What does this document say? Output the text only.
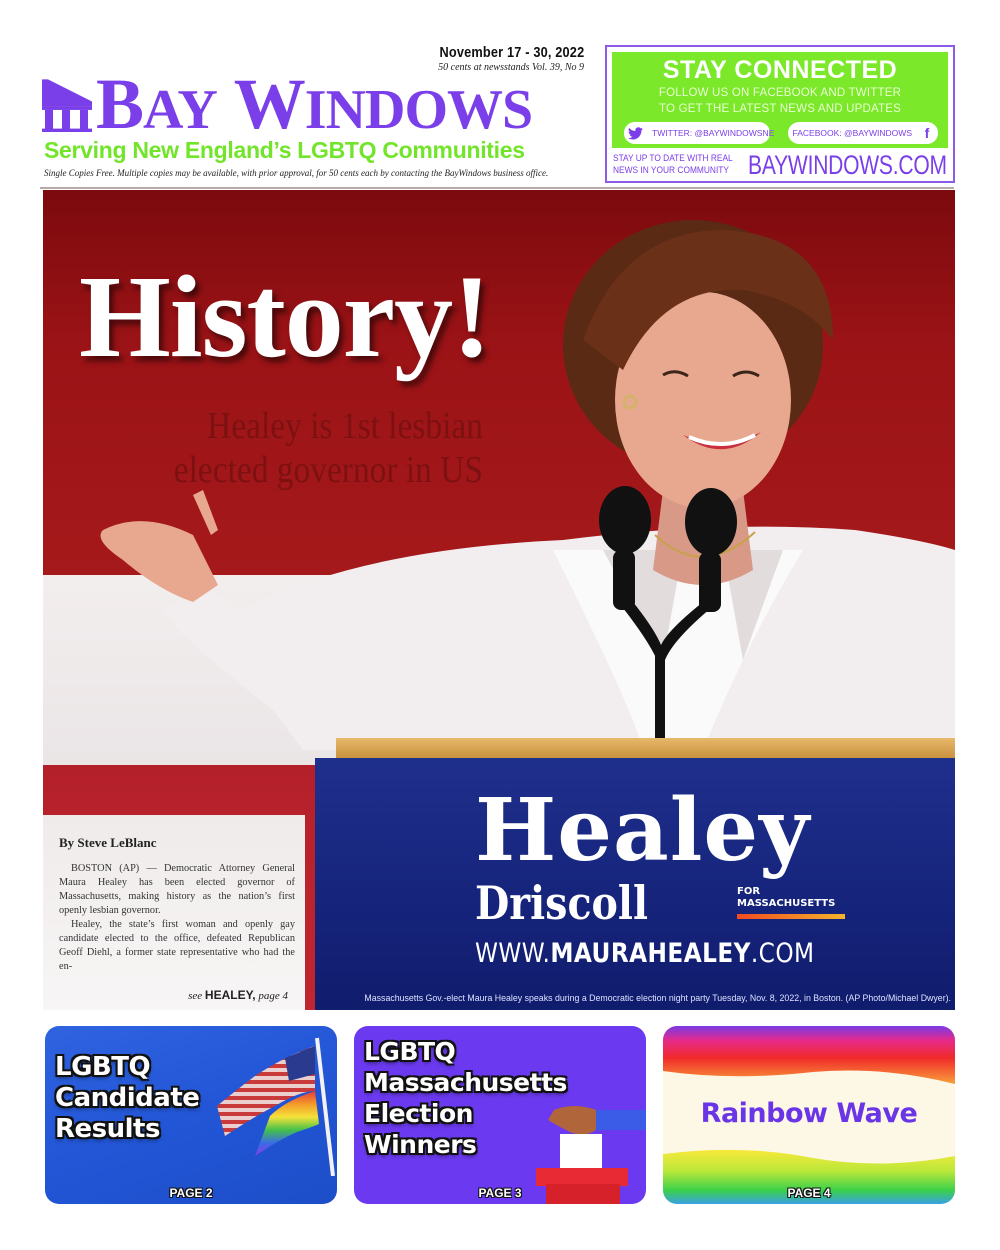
November 17 - 30, 2022
50 cents at newsstands Vol. 39, No 9
BAY WINDOWS
Serving New England’s LGBTQ Communities
Single Copies Free. Multiple copies may be available, with prior approval, for 50 cents each by contacting the BayWindows business office.
STAY CONNECTED
FOLLOW US ON FACEBOOK AND TWITTER
TO GET THE LATEST NEWS AND UPDATES
TWITTER: @BAYWINDOWSNE FACEBOOK: @BAYWINDOWS f
STAY UP TO DATE WITH REAL
NEWS IN YOUR COMMUNITY BAYWINDOWS.COM
History!
Healey is 1st lesbian
elected governor in US
Healey
Driscoll	FOR
MASSACHUSETTS
WWW.MAURAHEALEY.COM
By Steve LeBlanc

BOSTON (AP) — Democratic Attorney General Maura Healey has been elected governor of Massachusetts, making history as the nation’s first openly lesbian governor.

Healey, the state’s first woman and openly gay candidate elected to the office, defeated Republican Geoff Diehl, a former state representative who had the en-

see HEALEY, page 4	Massachusetts Gov.-elect Maura Healey speaks during a Democratic election night party Tuesday, Nov. 8, 2022, in Boston. (AP Photo/Michael Dwyer).
LGBTQ
Candidate
Results
PAGE 2
LGBTQ
Massachusetts
Election
Winners
PAGE 3
Rainbow Wave
PAGE 4
